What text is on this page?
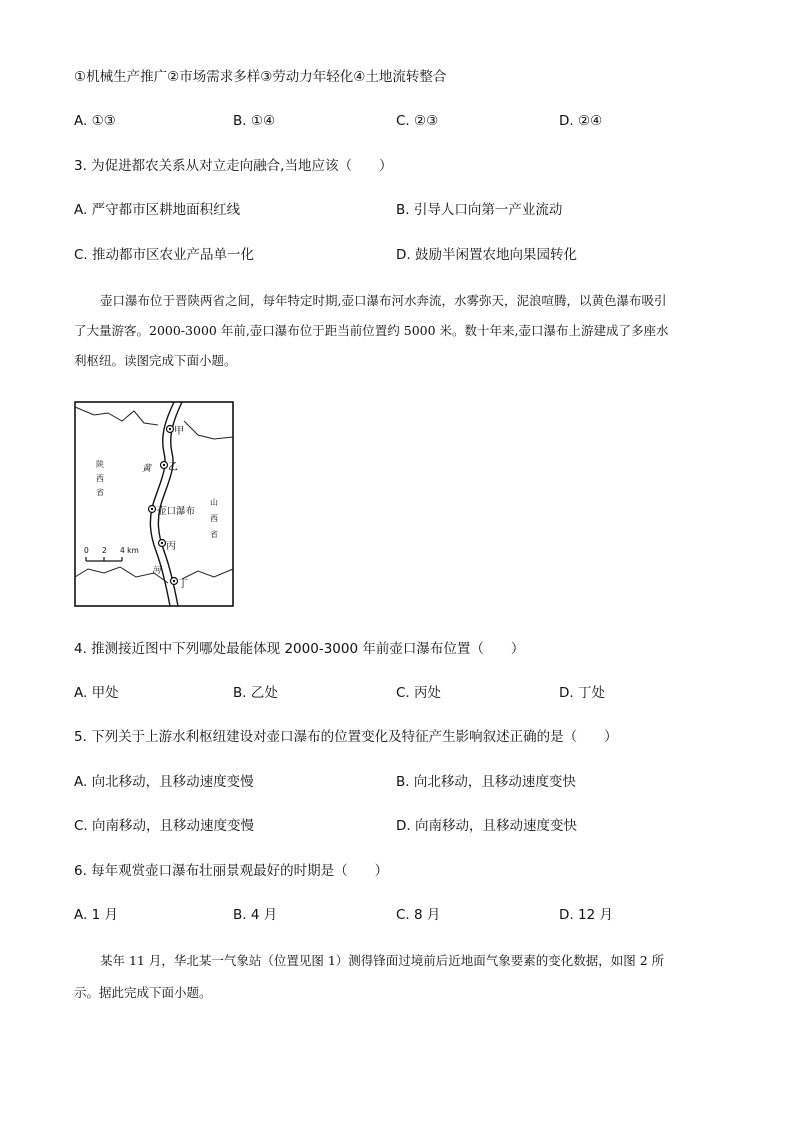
①机械生产推广②市场需求多样③劳动力年轻化④土地流转整合
A. ①③	B. ①④	C. ②③	D. ②④
3. 为促进都农关系从对立走向融合,当地应该（　　）
A. 严守都市区耕地面积红线	B. 引导人口向第一产业流动
C. 推动都市区农业产品单一化	D. 鼓励半闲置农地向果园转化
壶口瀑布位于晋陕两省之间，每年特定时期,壶口瀑布河水奔流，水雾弥天，泥浪喧腾，以黄色瀑布吸引
了大量游客。2000-3000 年前,壶口瀑布位于距当前位置约 5000 米。数十年来,壶口瀑布上游建成了多座水
利枢纽。读图完成下面小题。
甲
乙
壶口瀑布
丙
丁
黄
河
陕
西
省
山
西
省
0 2 4 km
4. 推测接近图中下列哪处最能体现 2000-3000 年前壶口瀑布位置（　　）
A. 甲处	B. 乙处	C. 丙处	D. 丁处
5. 下列关于上游水利枢纽建设对壶口瀑布的位置变化及特征产生影响叙述正确的是（　　）
A. 向北移动，且移动速度变慢	B. 向北移动，且移动速度变快
C. 向南移动，且移动速度变慢	D. 向南移动，且移动速度变快
6. 每年观赏壶口瀑布壮丽景观最好的时期是（　　）
A. 1 月	B. 4 月	C. 8 月	D. 12 月
某年 11 月，华北某一气象站（位置见图 1）测得锋面过境前后近地面气象要素的变化数据，如图 2 所
示。据此完成下面小题。
